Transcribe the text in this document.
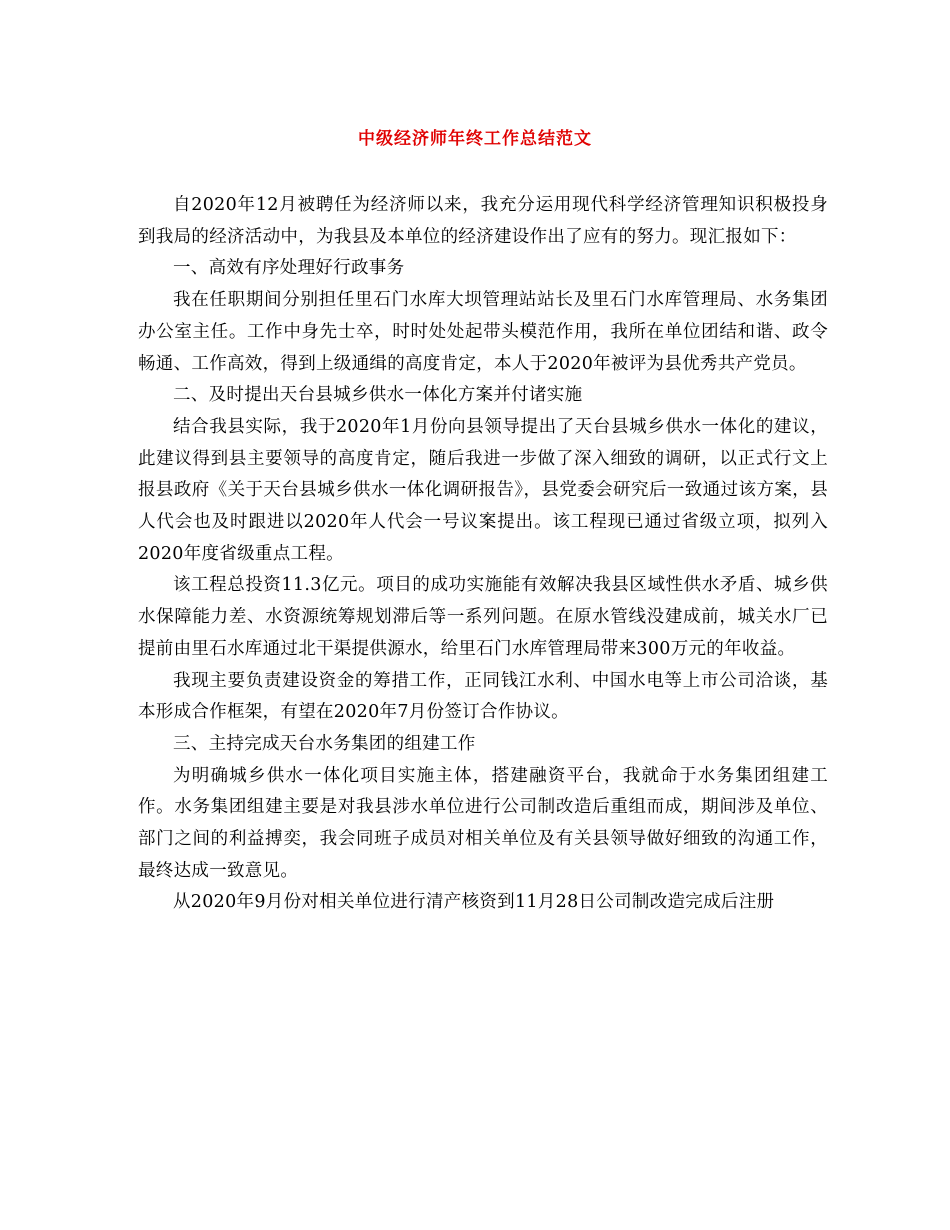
中级经济师年终工作总结范文

自2020年12月被聘任为经济师以来，我充分运用现代科学经济管理知识积极投身到我局的经济活动中，为我县及本单位的经济建设作出了应有的努力。现汇报如下：

一、高效有序处理好行政事务

我在任职期间分别担任里石门水库大坝管理站站长及里石门水库管理局、水务集团办公室主任。工作中身先士卒，时时处处起带头模范作用，我所在单位团结和谐、政令畅通、工作高效，得到上级通缉的高度肯定，本人于2020年被评为县优秀共产党员。

二、及时提出天台县城乡供水一体化方案并付诸实施

结合我县实际，我于2020年1月份向县领导提出了天台县城乡供水一体化的建议，此建议得到县主要领导的高度肯定，随后我进一步做了深入细致的调研，以正式行文上报县政府《关于天台县城乡供水一体化调研报告》，县党委会研究后一致通过该方案，县人代会也及时跟进以2020年人代会一号议案提出。该工程现已通过省级立项，拟列入2020年度省级重点工程。

该工程总投资11.3亿元。项目的成功实施能有效解决我县区域性供水矛盾、城乡供水保障能力差、水资源统筹规划滞后等一系列问题。在原水管线没建成前，城关水厂已提前由里石水库通过北干渠提供源水，给里石门水库管理局带来300万元的年收益。

我现主要负责建设资金的筹措工作，正同钱江水利、中国水电等上市公司洽谈，基本形成合作框架，有望在2020年7月份签订合作协议。

三、主持完成天台水务集团的组建工作

为明确城乡供水一体化项目实施主体，搭建融资平台，我就命于水务集团组建工作。水务集团组建主要是对我县涉水单位进行公司制改造后重组而成，期间涉及单位、部门之间的利益搏奕，我会同班子成员对相关单位及有关县领导做好细致的沟通工作，最终达成一致意见。

从2020年9月份对相关单位进行清产核资到11月28日公司制改造完成后注册
